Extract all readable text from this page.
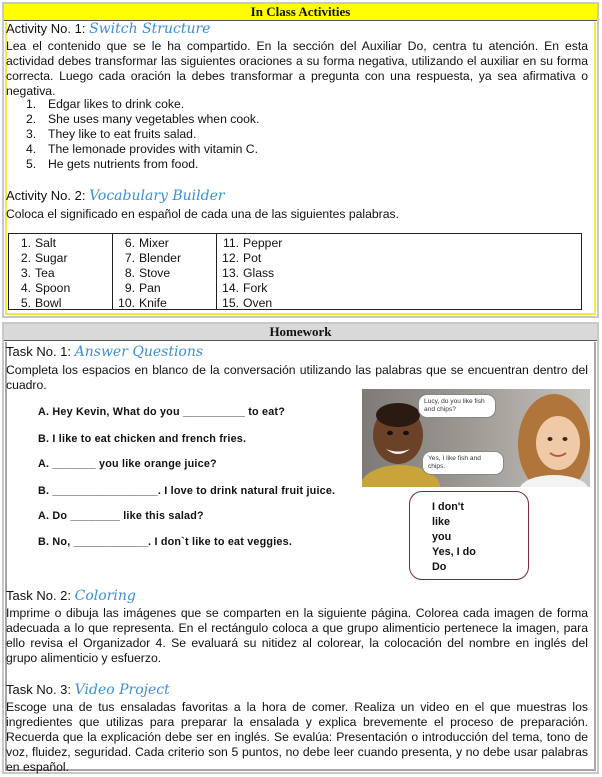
In Class Activities
Activity No. 1: Switch Structure
Lea el contenido que se le ha compartido. En la sección del Auxiliar Do, centra tu atención. En esta actividad debes transformar las siguientes oraciones a su forma negativa, utilizando el auxiliar en su forma correcta. Luego cada oración la debes transformar a pregunta con una respuesta, ya sea afirmativa o negativa.
1. Edgar likes to drink coke.
2. She uses many vegetables when cook.
3. They like to eat fruits salad.
4. The lemonade provides with vitamin C.
5. He gets nutrients from food.
Activity No. 2: Vocabulary Builder
Coloca el significado en español de cada una de las siguientes palabras.
1. Salt
2. Sugar
3. Tea
4. Spoon
5. Bowl
6. Mixer
7. Blender
8. Stove
9. Pan
10. Knife
11. Pepper
12. Pot
13. Glass
14. Fork
15. Oven
Homework
Task No. 1: Answer Questions
Completa los espacios en blanco de la conversación utilizando las palabras que se encuentran dentro del cuadro.
A. Hey Kevin, What do you __________ to eat?
B. I like to eat chicken and french fries.
A. _______ you like orange juice?
B. _________________. I love to drink natural fruit juice.
A. Do ________ like this salad?
B. No, ____________. I don`t like to eat veggies.
Lucy, do you like fish and chips?
Yes, I like fish and chips.
I don't
like
you
Yes, I do
Do
Task No. 2: Coloring
Imprime o dibuja las imágenes que se comparten en la siguiente página. Colorea cada imagen de forma adecuada a lo que representa. En el rectángulo coloca a que grupo alimenticio pertenece la imagen, para ello revisa el Organizador 4. Se evaluará su nitidez al colorear, la colocación del nombre en inglés del grupo alimenticio y esfuerzo.
Task No. 3: Video Project
Escoge una de tus ensaladas favoritas a la hora de comer. Realiza un video en el que muestras los ingredientes que utilizas para preparar la ensalada y explica brevemente el proceso de preparación. Recuerda que la explicación debe ser en inglés. Se evalúa: Presentación o introducción del tema, tono de voz, fluidez, seguridad. Cada criterio son 5 puntos, no debe leer cuando presenta, y no debe usar palabras en español.
